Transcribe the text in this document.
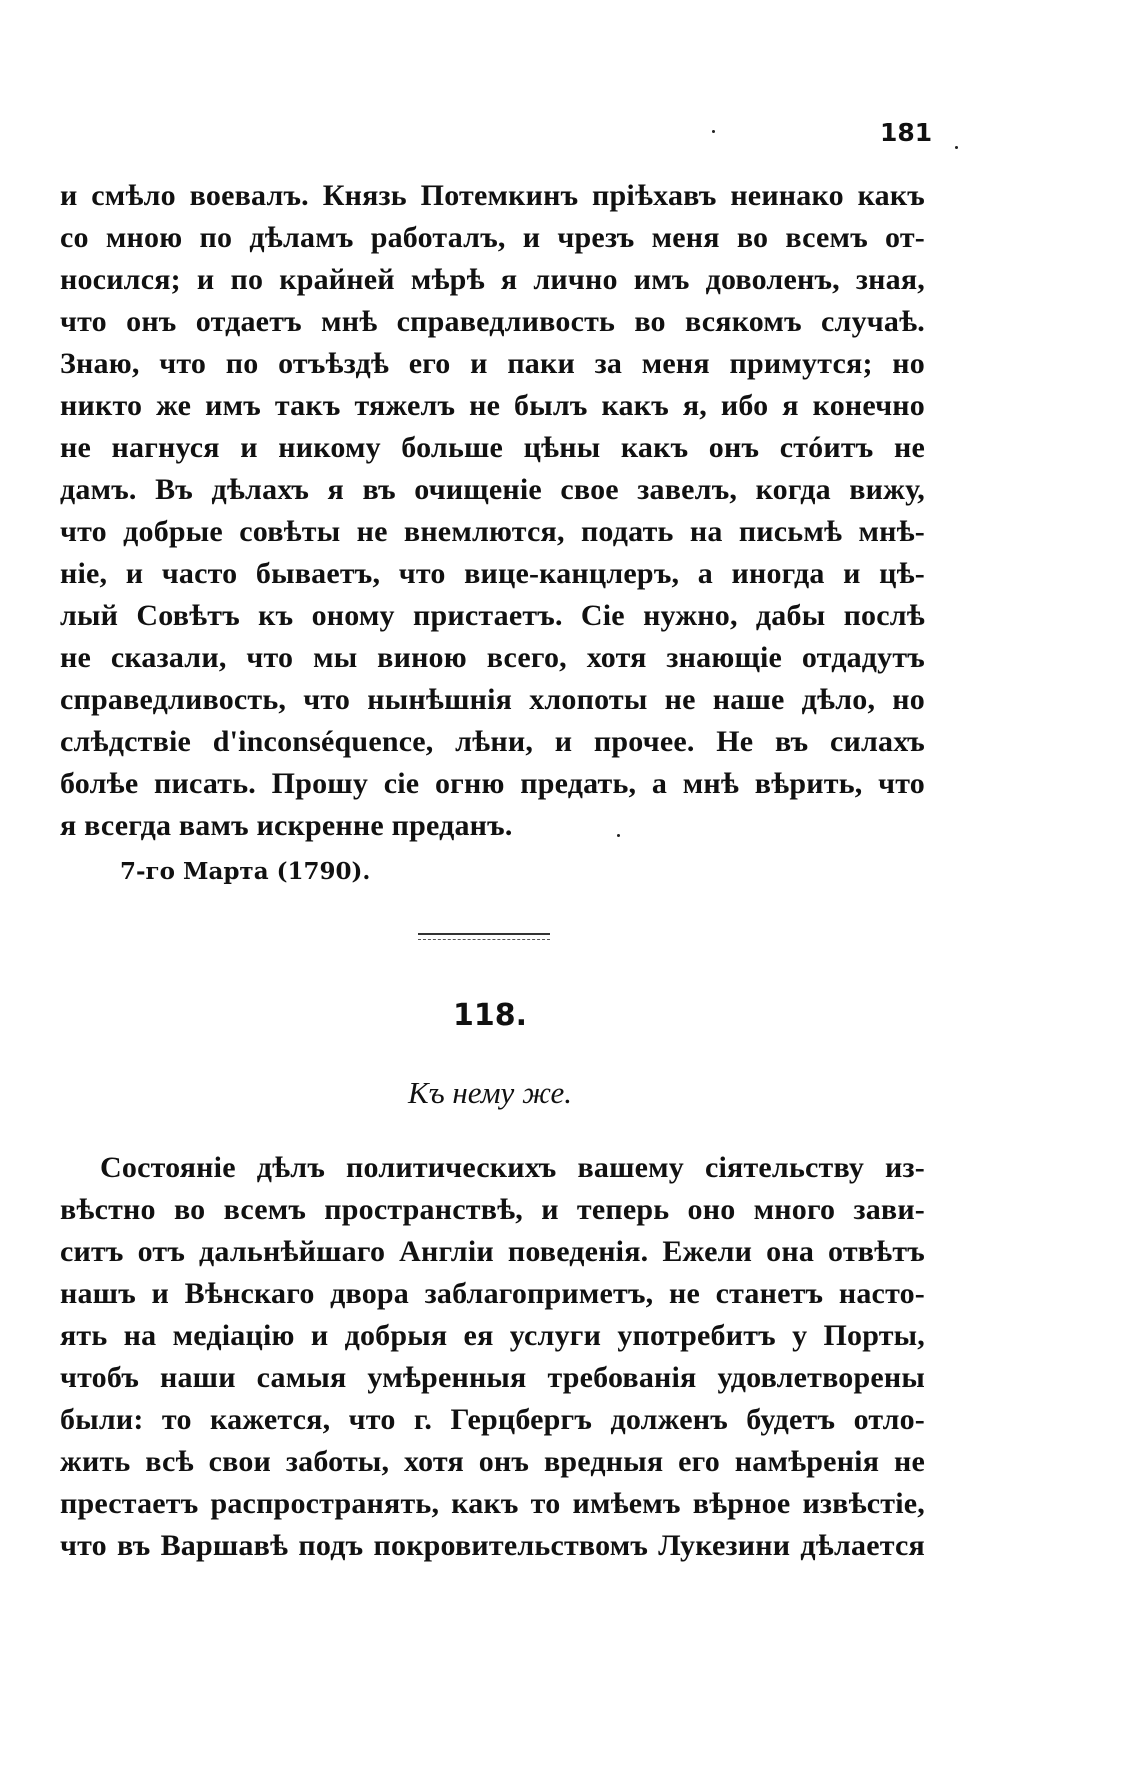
181
и смѣло воевалъ. Князь Потемкинъ пріѣхавъ неинако какъ
со мною по дѣламъ работалъ, и чрезъ меня во всемъ от-
носился; и по крайней мѣрѣ я лично имъ доволенъ, зная,
что онъ отдаетъ мнѣ справедливость во всякомъ случаѣ.
Знаю, что по отъѣздѣ его и паки за меня примутся; но
никто же имъ такъ тяжелъ не былъ какъ я, ибо я конечно
не нагнуся и никому больше цѣны какъ онъ стóитъ не
дамъ. Въ дѣлахъ я въ очищеніе свое завелъ, когда вижу,
что добрые совѣты не внемлются, подать на письмѣ мнѣ-
ніе, и часто бываетъ, что вице-канцлеръ, а иногда и цѣ-
лый Совѣтъ къ оному пристаетъ. Сіе нужно, дабы послѣ
не сказали, что мы виною всего, хотя знающіе отдадутъ
справедливость, что нынѣшнія хлопоты не наше дѣло, но
слѣдствіе d'inconséquence, лѣни, и прочее. Не въ силахъ
болѣе писать. Прошу сіе огню предать, а мнѣ вѣрить, что
я всегда вамъ искренне преданъ.
7-го Марта (1790).
118.
Къ нему же.
Состояніе дѣлъ политическихъ вашему сіятельству из-
вѣстно во всемъ пространствѣ, и теперь оно много зави-
ситъ отъ дальнѣйшаго Англіи поведенія. Ежели она отвѣтъ
нашъ и Вѣнскаго двора заблагоприметъ, не станетъ насто-
ять на медіацію и добрыя ея услуги употребитъ у Порты,
чтобъ наши самыя умѣренныя требованія удовлетворены
были: то кажется, что г. Герцбергъ долженъ будетъ отло-
жить всѣ свои заботы, хотя онъ вредныя его намѣренія не
престаетъ распространять, какъ то имѣемъ вѣрное извѣстіе,
что въ Варшавѣ подъ покровительствомъ Лукезини дѣлается
